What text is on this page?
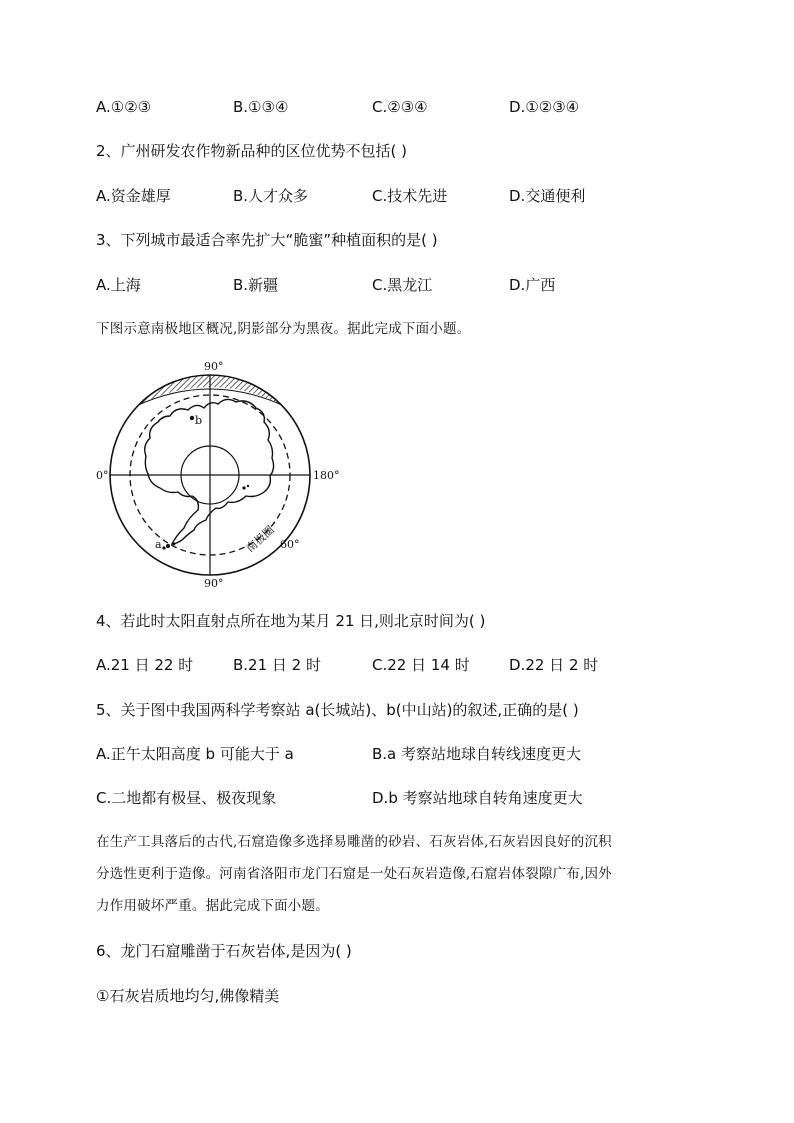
A.①②③	B.①③④	C.②③④	D.①②③④
2、广州研发农作物新品种的区位优势不包括( )
A.资金雄厚	B.人才众多	C.技术先进	D.交通便利
3、下列城市最适合率先扩大“脆蜜”种植面积的是( )
A.上海	B.新疆	C.黑龙江	D.广西
下图示意南极地区概况,阴影部分为黑夜。据此完成下面小题。
90°
90°
0°	180°
b
a	南极圈 60°
4、若此时太阳直射点所在地为某月 21 日,则北京时间为( )
A.21 日 22 时	B.21 日 2 时	C.22 日 14 时	D.22 日 2 时
5、关于图中我国两科学考察站 a(长城站)、b(中山站)的叙述,正确的是( )
A.正午太阳高度 b 可能大于 a	B.a 考察站地球自转线速度更大
C.二地都有极昼、极夜现象	D.b 考察站地球自转角速度更大
在生产工具落后的古代,石窟造像多选择易雕凿的砂岩、石灰岩体,石灰岩因良好的沉积
分选性更利于造像。河南省洛阳市龙门石窟是一处石灰岩造像,石窟岩体裂隙广布,因外
力作用破坏严重。据此完成下面小题。
6、龙门石窟雕凿于石灰岩体,是因为( )
①石灰岩质地均匀,佛像精美
